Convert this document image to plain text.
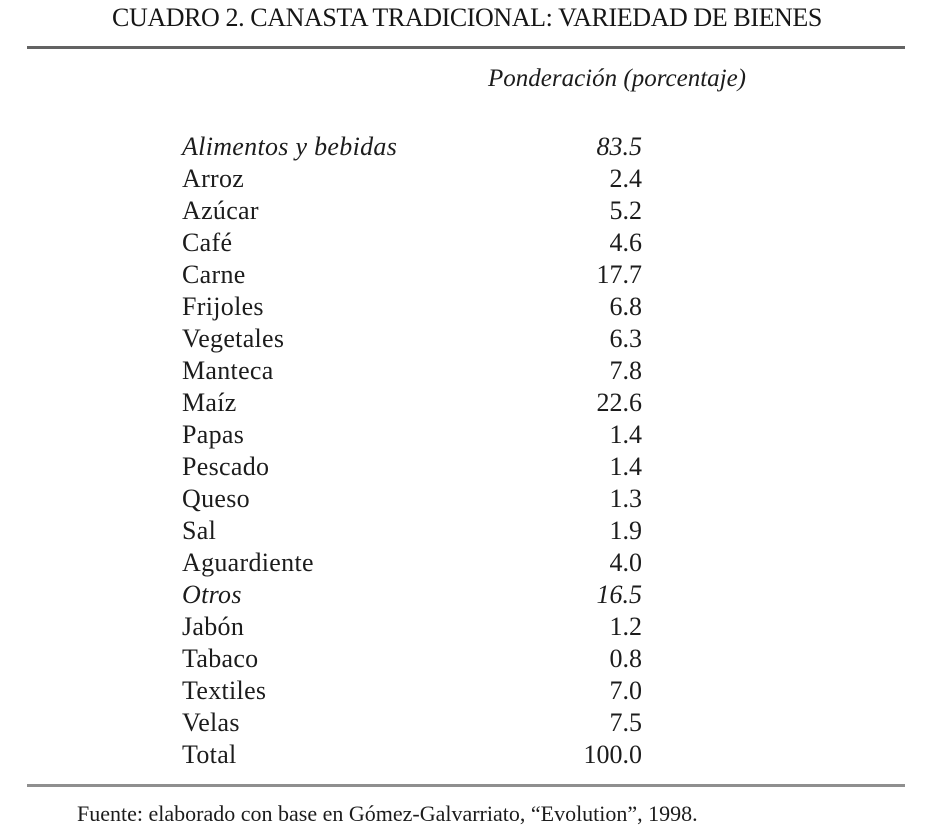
CUADRO 2. CANASTA TRADICIONAL: VARIEDAD DE BIENES
Ponderación (porcentaje)
Alimentos y bebidas	83.5
Arroz	2.4
Azúcar	5.2
Café	4.6
Carne	17.7
Frijoles	6.8
Vegetales	6.3
Manteca	7.8
Maíz	22.6
Papas	1.4
Pescado	1.4
Queso	1.3
Sal	1.9
Aguardiente	4.0
Otros	16.5
Jabón	1.2
Tabaco	0.8
Textiles	7.0
Velas	7.5
Total	100.0
Fuente: elaborado con base en Gómez-Galvarriato, “Evolution”, 1998.
